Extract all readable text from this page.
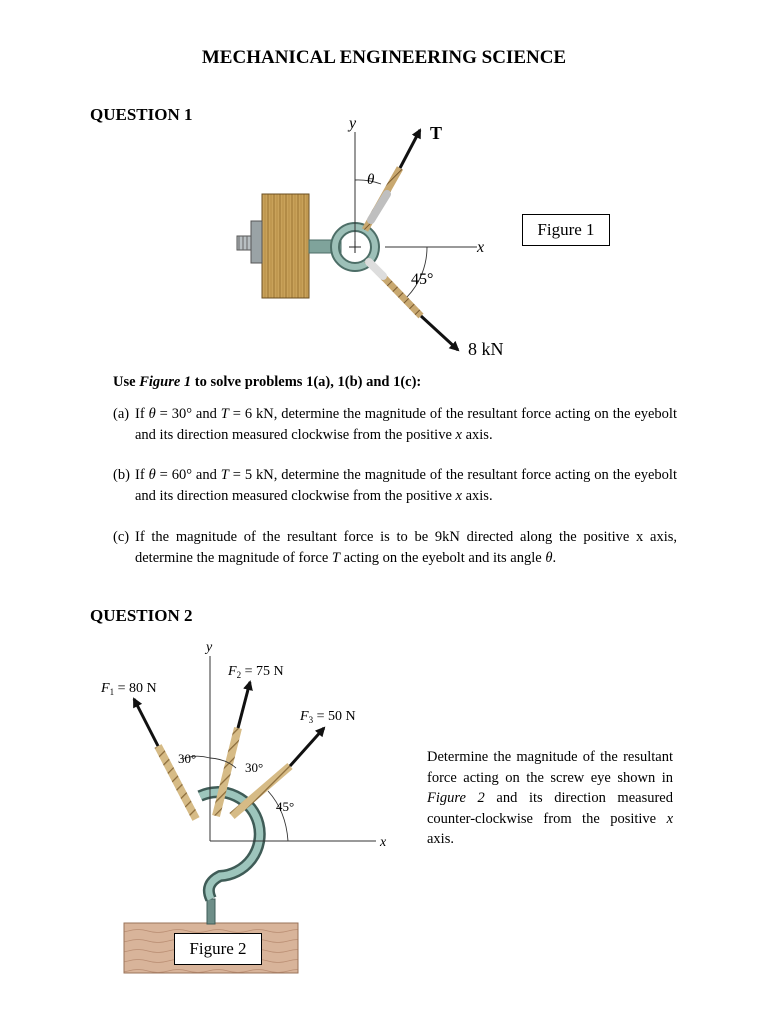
MECHANICAL ENGINEERING SCIENCE
QUESTION 1	y
x
θ
T
45°
8 kN
Figure 1
Use Figure 1 to solve problems 1(a), 1(b) and 1(c):
(a) If θ = 30° and T = 6 kN, determine the magnitude of the resultant force acting on the eyebolt and its direction measured clockwise from the positive x axis.
(b) If θ = 60° and T = 5 kN, determine the magnitude of the resultant force acting on the eyebolt and its direction measured clockwise from the positive x axis.
(c) If the magnitude of the resultant force is to be 9kN directed along the positive x axis, determine the magnitude of force T acting on the eyebolt and its angle θ.
QUESTION 2
y
x
$F_1 = 80$ N
$F_2 = 75$ N
$F_3 = 50$ N
30°
30°
45°
Figure 2
Determine the magnitude of the resultant force acting on the screw eye shown in Figure 2 and its direction measured counter-clockwise from the positive x axis.
